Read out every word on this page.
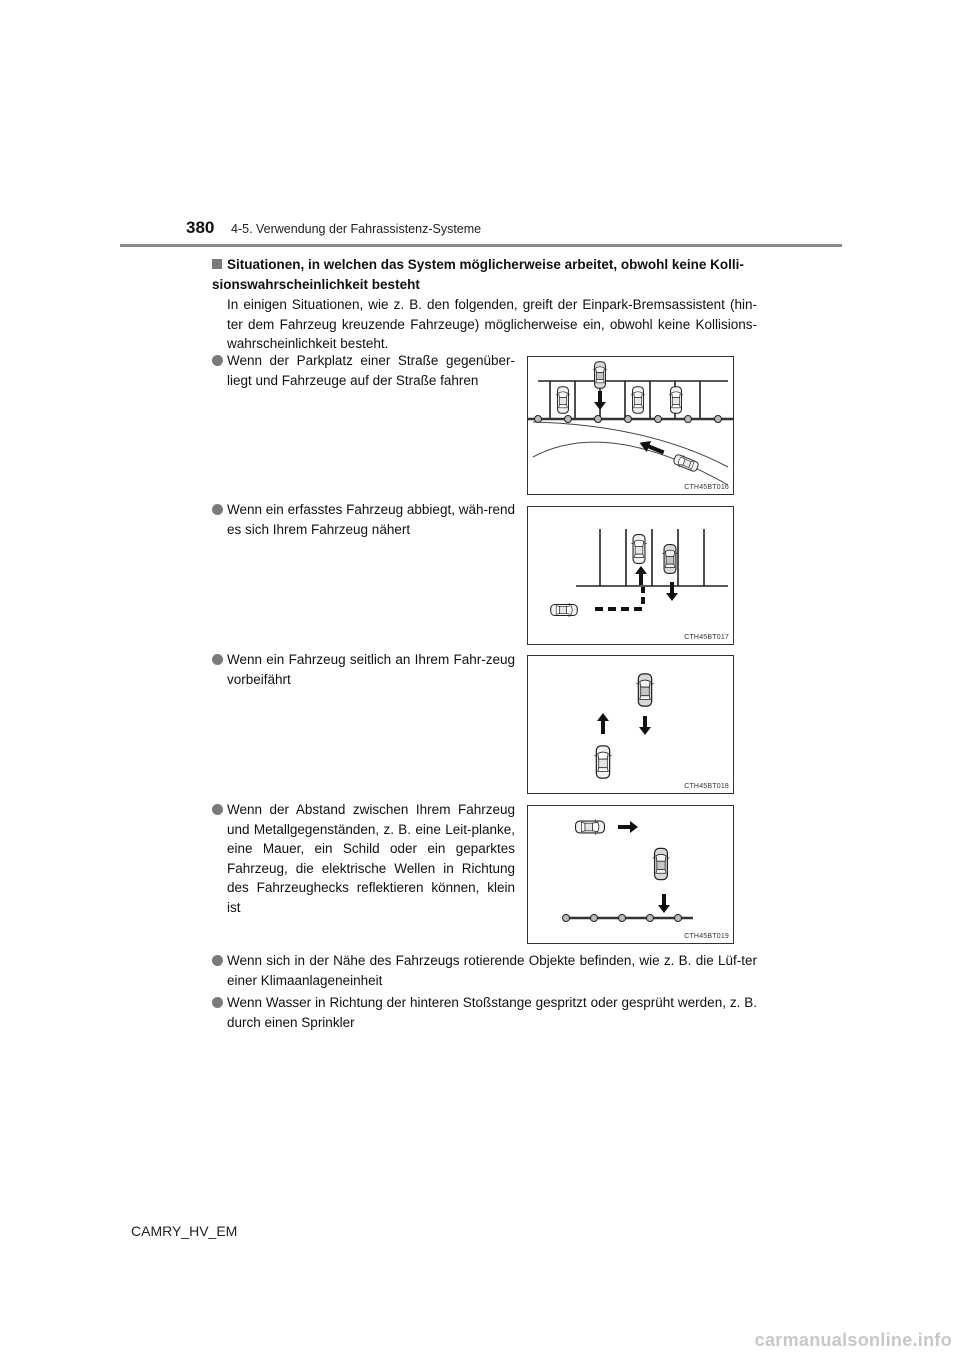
380 4-5. Verwendung der Fahrassistenz-Systeme
Situationen, in welchen das System möglicherweise arbeitet, obwohl keine Kolli-sionswahrscheinlichkeit besteht
In einigen Situationen, wie z. B. den folgenden, greift der Einpark-Bremsassistent (hin-ter dem Fahrzeug kreuzende Fahrzeuge) möglicherweise ein, obwohl keine Kollisions-wahrscheinlichkeit besteht.
Wenn der Parkplatz einer Straße gegenüber-liegt und Fahrzeuge auf der Straße fahren
CTH45BT016
Wenn ein erfasstes Fahrzeug abbiegt, wäh-rend es sich Ihrem Fahrzeug nähert
CTH45BT017
Wenn ein Fahrzeug seitlich an Ihrem Fahr-zeug vorbeifährt
CTH45BT018
Wenn der Abstand zwischen Ihrem Fahrzeug und Metallgegenständen, z. B. eine Leit-planke, eine Mauer, ein Schild oder ein geparktes Fahrzeug, die elektrische Wellen in Richtung des Fahrzeughecks reflektieren können, klein ist
CTH45BT019
Wenn sich in der Nähe des Fahrzeugs rotierende Objekte befinden, wie z. B. die Lüf-ter einer Klimaanlageneinheit
Wenn Wasser in Richtung der hinteren Stoßstange gespritzt oder gesprüht werden, z. B. durch einen Sprinkler
CAMRY_HV_EM
carmanualsonline.info
